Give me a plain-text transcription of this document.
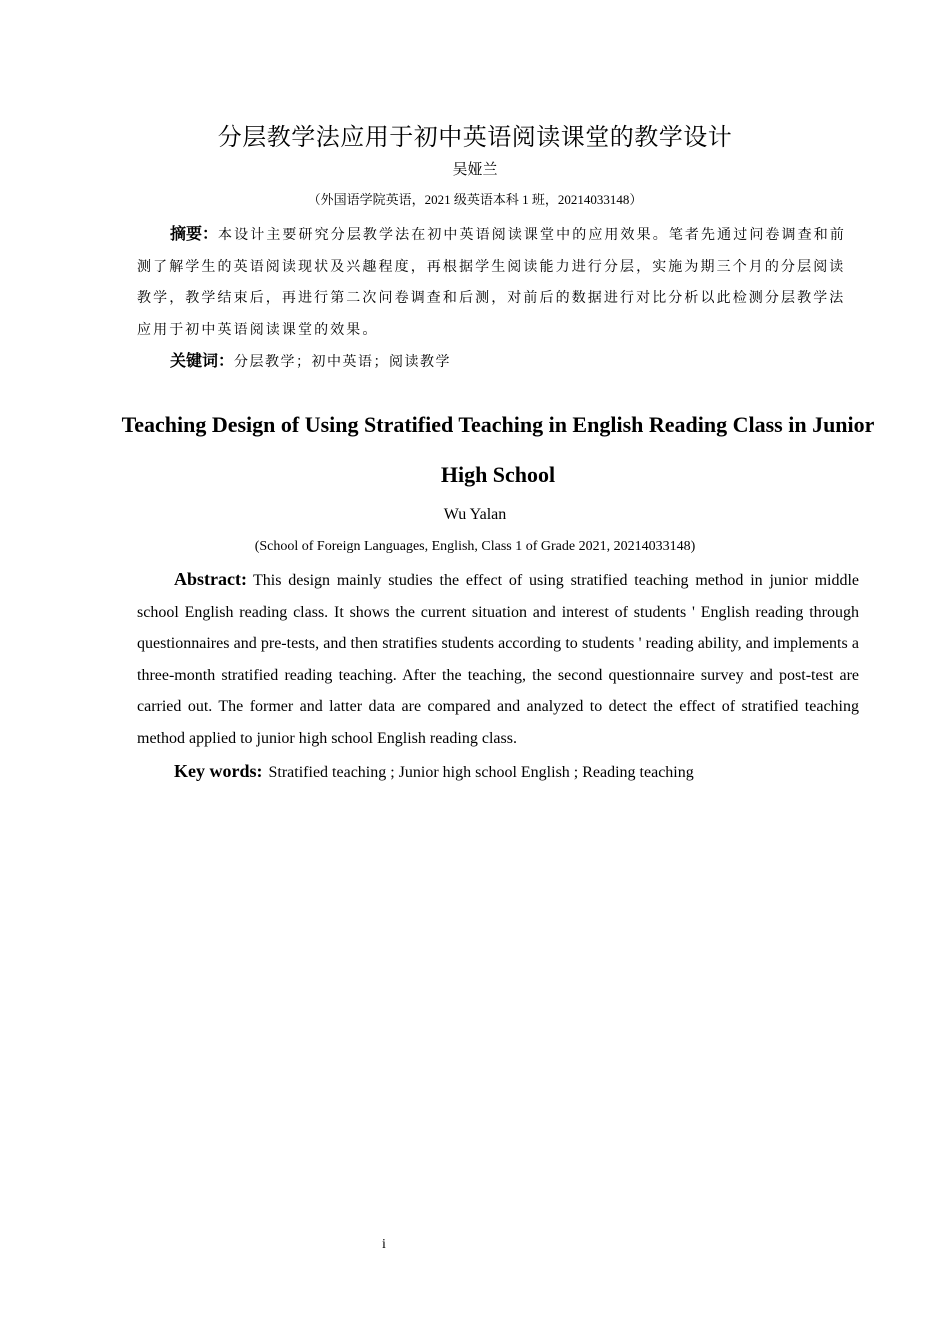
分层教学法应用于初中英语阅读课堂的教学设计
吴娅兰
（外国语学院英语，2021 级英语本科 1 班，20214033148）

摘要：本设计主要研究分层教学法在初中英语阅读课堂中的应用效果。笔者先通过问卷调查和前测了解学生的英语阅读现状及兴趣程度，再根据学生阅读能力进行分层，实施为期三个月的分层阅读教学，教学结束后，再进行第二次问卷调查和后测，对前后的数据进行对比分析以此检测分层教学法应用于初中英语阅读课堂的效果。

关键词：分层教学；初中英语；阅读教学
Teaching Design of Using Stratified Teaching in English Reading Class in Junior High School
Wu Yalan
(School of Foreign Languages, English, Class 1 of Grade 2021, 20214033148)

Abstract: This design mainly studies the effect of using stratified teaching method in junior middle school English reading class. It shows the current situation and interest of students ' English reading through questionnaires and pre-tests, and then stratifies students according to students ' reading ability, and implements a three-month stratified reading teaching. After the teaching, the second questionnaire survey and post-test are carried out. The former and latter data are compared and analyzed to detect the effect of stratified teaching method applied to junior high school English reading class.

Key words: Stratified teaching ; Junior high school English ; Reading teaching
i
